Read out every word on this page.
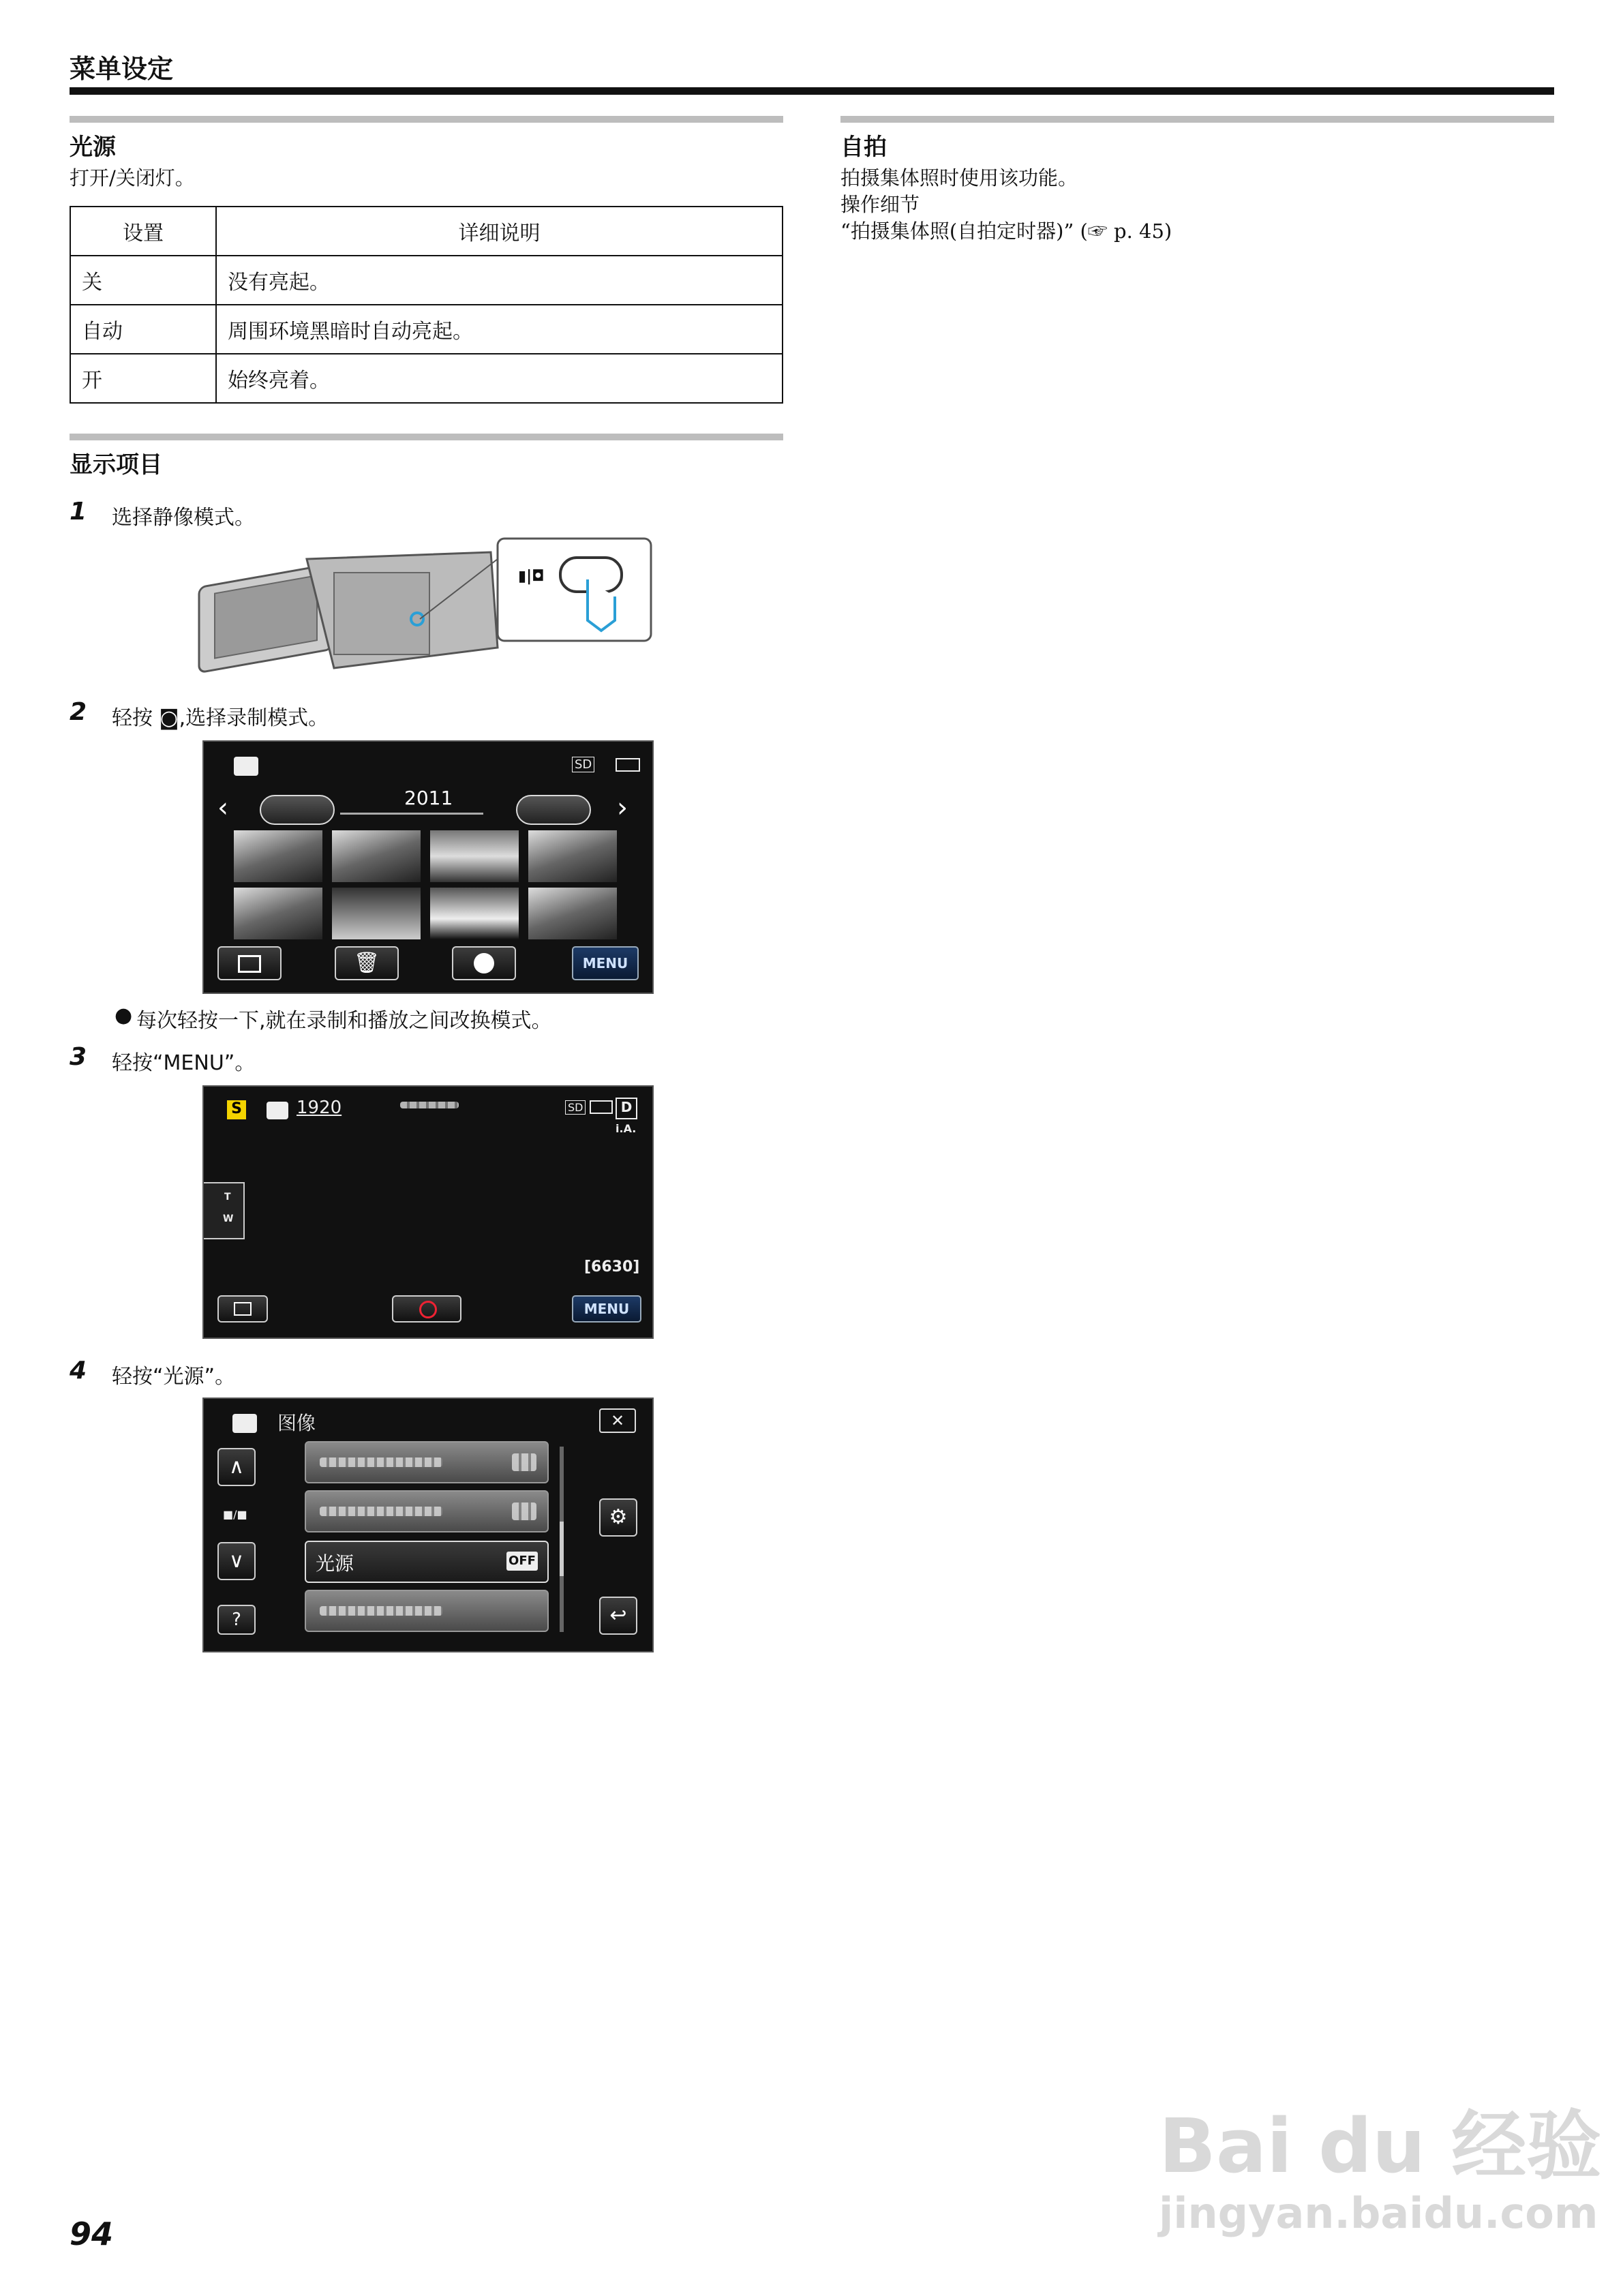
菜单设定
光源
打开/关闭灯。
设置	详细说明
关	没有亮起。
自动	周围环境黑暗时自动亮起。
开	始终亮着。
显示项目
1 选择静像模式。
▮|◘
2 轻按 ◙,选择录制模式。
SD
‹	2011	›
🗑	MENU
● 每次轻按一下,就在录制和播放之间改换模式。
3 轻按“MENU”。
S	1920	SD	D
i.A.
T
W
[6630]
MENU
4 轻按“光源”。
图像	✕
∧
■/■
∨
?
光源	OFF
⚙
↩
自拍
拍摄集体照时使用该功能。
操作细节
“拍摄集体照(自拍定时器)” (☞ p. 45)
94
Bai du 经验
jingyan.baidu.com
